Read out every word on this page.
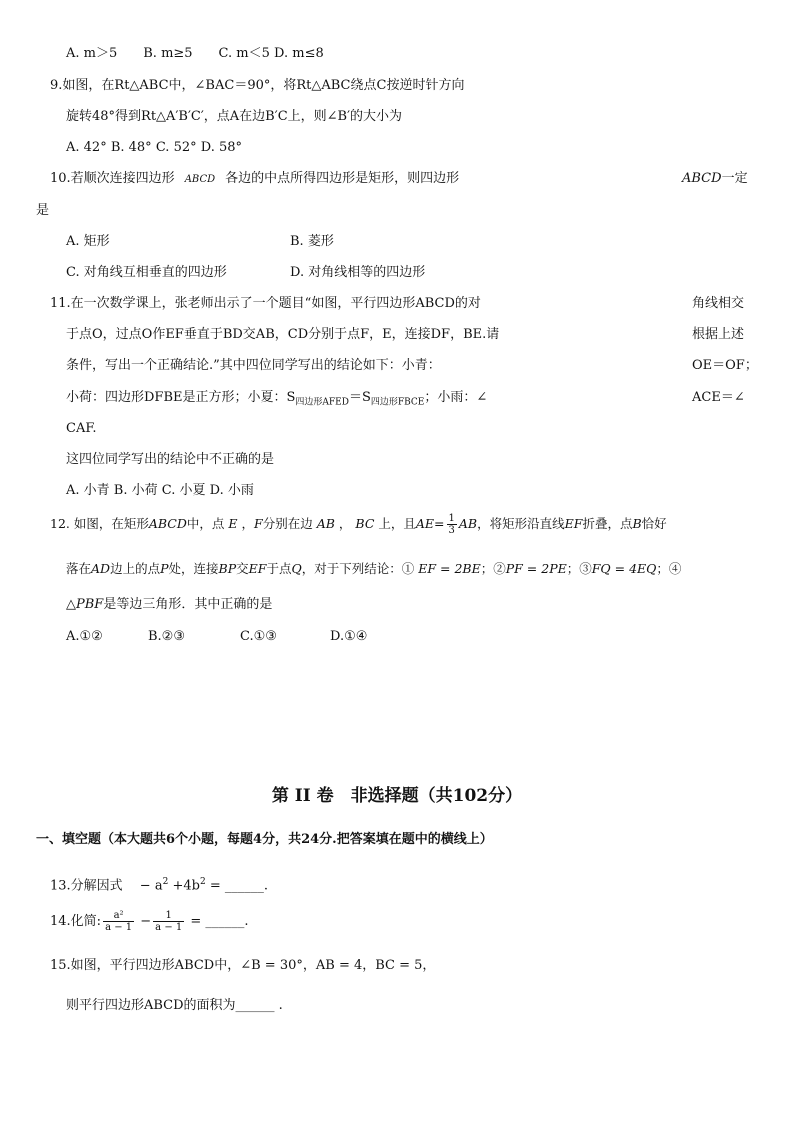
A. m＞5　　B. m≥5　　C. m＜5 D. m≤8
9.如图，在Rt△ABC中，∠BAC＝90°，将Rt△ABC绕点C按逆时针方向
旋转48°得到Rt△A′B′C′，点A在边B′C上，则∠B′的大小为
A. 42° B. 48° C. 52° D. 58°
10.若顺次连接四边形 ABCD 各边的中点所得四边形是矩形，则四边形	ABCD一定
是
A. 矩形	B. 菱形
C. 对角线互相垂直的四边形	D. 对角线相等的四边形
11.在一次数学课上，张老师出示了一个题目“如图，平行四边形ABCD的对	角线相交
于点O，过点O作EF垂直于BD交AB，CD分别于点F，E，连接DF，BE.请	根据上述
条件，写出一个正确结论.”其中四位同学写出的结论如下：小青：	OE＝OF；
小荷：四边形DFBE是正方形；小夏：$S_{四边形AFED}=S_{四边形FBCE}$；小雨：∠	ACE＝∠
CAF.
这四位同学写出的结论中不正确的是
A. 小青 B. 小荷 C. 小夏 D. 小雨
12. 如图，在矩形ABCD中，点 E ，F分别在边 AB ， BC 上，且$AE= \frac{1}{3}$ AB，将矩形沿直线EF折叠，点B恰好
落在AD边上的点P处，连接BP交EF于点Q，对于下列结论：① EF = 2BE；②PF = 2PE；③FQ = 4EQ；④
△PBF是等边三角形．其中正确的是
A.①②	B.②③	C.①③	D.①④
第 II 卷　非选择题（共102分）
一、填空题（本大题共6个小题，每题4分，共24分.把答案填在题中的横线上）
13.分解因式　 − $a^2 +4b^2$ = ______.
14.化简: $\frac{\text{a²}}{a - 1} - \frac{1}{a - 1}$ = ______.
15.如图，平行四边形ABCD中，∠B = 30°，AB = 4，BC = 5，
则平行四边形ABCD的面积为______ .
